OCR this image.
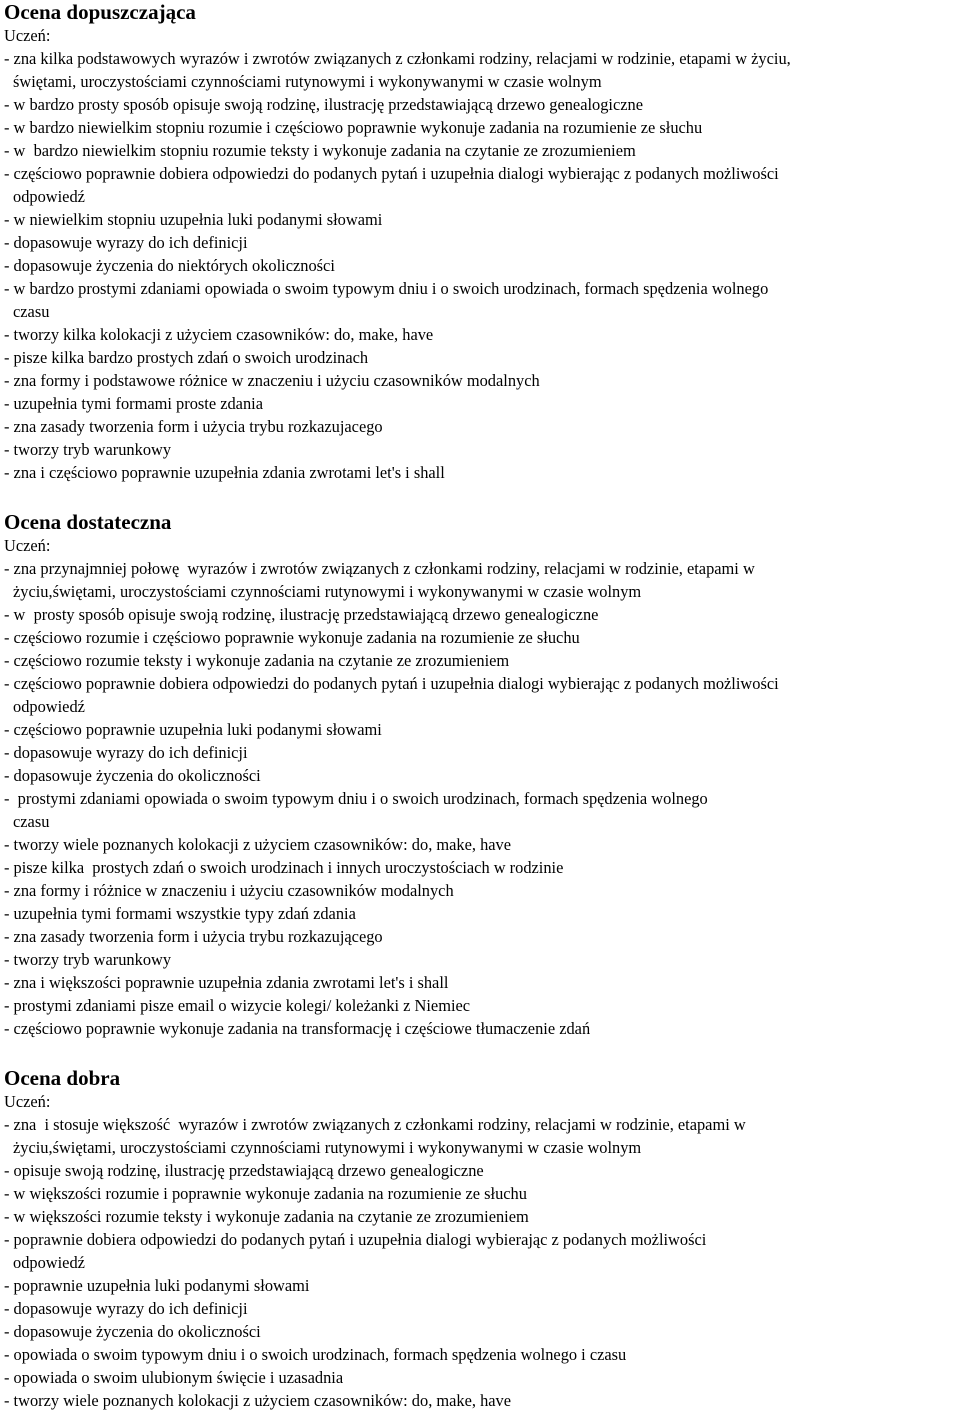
Ocena dopuszczająca
Uczeń:
- zna kilka podstawowych wyrazów i zwrotów związanych z członkami rodziny, relacjami w rodzinie, etapami w życiu,
świętami, uroczystościami czynnościami rutynowymi i wykonywanymi w czasie wolnym
- w bardzo prosty sposób opisuje swoją rodzinę, ilustrację przedstawiającą drzewo genealogiczne
- w bardzo niewielkim stopniu rozumie i częściowo poprawnie wykonuje zadania na rozumienie ze słuchu
- w  bardzo niewielkim stopniu rozumie teksty i wykonuje zadania na czytanie ze zrozumieniem
- częściowo poprawnie dobiera odpowiedzi do podanych pytań i uzupełnia dialogi wybierając z podanych możliwości
odpowiedź
- w niewielkim stopniu uzupełnia luki podanymi słowami
- dopasowuje wyrazy do ich definicji
- dopasowuje życzenia do niektórych okoliczności
- w bardzo prostymi zdaniami opowiada o swoim typowym dniu i o swoich urodzinach, formach spędzenia wolnego
czasu
- tworzy kilka kolokacji z użyciem czasowników: do, make, have
- pisze kilka bardzo prostych zdań o swoich urodzinach
- zna formy i podstawowe różnice w znaczeniu i użyciu czasowników modalnych
- uzupełnia tymi formami proste zdania
- zna zasady tworzenia form i użycia trybu rozkazujacego
- tworzy tryb warunkowy
- zna i częściowo poprawnie uzupełnia zdania zwrotami let's i shall
Ocena dostateczna
Uczeń:
- zna przynajmniej połowę  wyrazów i zwrotów związanych z członkami rodziny, relacjami w rodzinie, etapami w
życiu,świętami, uroczystościami czynnościami rutynowymi i wykonywanymi w czasie wolnym
- w  prosty sposób opisuje swoją rodzinę, ilustrację przedstawiającą drzewo genealogiczne
- częściowo rozumie i częściowo poprawnie wykonuje zadania na rozumienie ze słuchu
- częściowo rozumie teksty i wykonuje zadania na czytanie ze zrozumieniem
- częściowo poprawnie dobiera odpowiedzi do podanych pytań i uzupełnia dialogi wybierając z podanych możliwości
odpowiedź
- częściowo poprawnie uzupełnia luki podanymi słowami
- dopasowuje wyrazy do ich definicji
- dopasowuje życzenia do okoliczności
-  prostymi zdaniami opowiada o swoim typowym dniu i o swoich urodzinach, formach spędzenia wolnego
czasu
- tworzy wiele poznanych kolokacji z użyciem czasowników: do, make, have
- pisze kilka  prostych zdań o swoich urodzinach i innych uroczystościach w rodzinie
- zna formy i różnice w znaczeniu i użyciu czasowników modalnych
- uzupełnia tymi formami wszystkie typy zdań zdania
- zna zasady tworzenia form i użycia trybu rozkazującego
- tworzy tryb warunkowy
- zna i większości poprawnie uzupełnia zdania zwrotami let's i shall
- prostymi zdaniami pisze email o wizycie kolegi/ koleżanki z Niemiec
- częściowo poprawnie wykonuje zadania na transformację i częściowe tłumaczenie zdań
Ocena dobra
Uczeń:
- zna  i stosuje większość  wyrazów i zwrotów związanych z członkami rodziny, relacjami w rodzinie, etapami w
życiu,świętami, uroczystościami czynnościami rutynowymi i wykonywanymi w czasie wolnym
- opisuje swoją rodzinę, ilustrację przedstawiającą drzewo genealogiczne
- w większości rozumie i poprawnie wykonuje zadania na rozumienie ze słuchu
- w większości rozumie teksty i wykonuje zadania na czytanie ze zrozumieniem
- poprawnie dobiera odpowiedzi do podanych pytań i uzupełnia dialogi wybierając z podanych możliwości
odpowiedź
- poprawnie uzupełnia luki podanymi słowami
- dopasowuje wyrazy do ich definicji
- dopasowuje życzenia do okoliczności
- opowiada o swoim typowym dniu i o swoich urodzinach, formach spędzenia wolnego i czasu
- opowiada o swoim ulubionym święcie i uzasadnia
- tworzy wiele poznanych kolokacji z użyciem czasowników: do, make, have
